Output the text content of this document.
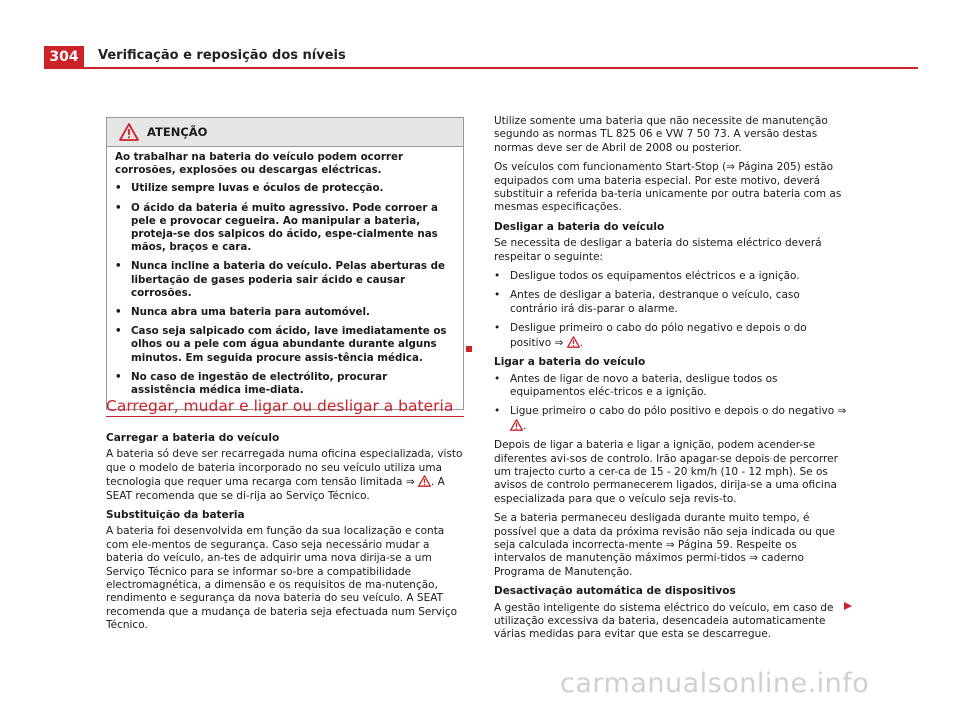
304	Verificação e reposição dos níveis
ATENÇÃO

Ao trabalhar na bateria do veículo podem ocorrer corrosões, explosões ou descargas eléctricas.

• Utilize sempre luvas e óculos de protecção.
• O ácido da bateria é muito agressivo. Pode corroer a pele e provocar cegueira. Ao manipular a bateria, proteja-se dos salpicos do ácido, espe-cialmente nas mãos, braços e cara.
• Nunca incline a bateria do veículo. Pelas aberturas de libertação de gases poderia sair ácido e causar corrosões.
• Nunca abra uma bateria para automóvel.
• Caso seja salpicado com ácido, lave imediatamente os olhos ou a pele com água abundante durante alguns minutos. Em seguida procure assis-tência médica.
• No caso de ingestão de electrólito, procurar assistência médica ime-diata.
Carregar, mudar e ligar ou desligar a bateria

Carregar a bateria do veículo

A bateria só deve ser recarregada numa oficina especializada, visto que o modelo de bateria incorporado no seu veículo utiliza uma tecnologia que requer uma recarga com tensão limitada ⇒ . A SEAT recomenda que se di-rija ao Serviço Técnico.

Substituição da bateria

A bateria foi desenvolvida em função da sua localização e conta com ele-mentos de segurança. Caso seja necessário mudar a bateria do veículo, an-tes de adquirir uma nova dirija-se a um Serviço Técnico para se informar so-bre a compatibilidade electromagnética, a dimensão e os requisitos de ma-nutenção, rendimento e segurança da nova bateria do seu veículo. A SEAT recomenda que a mudança de bateria seja efectuada num Serviço Técnico.

Utilize somente uma bateria que não necessite de manutenção segundo as normas TL 825 06 e VW 7 50 73. A versão destas normas deve ser de Abril de 2008 ou posterior.

Os veículos com funcionamento Start-Stop (⇒ Página 205) estão equipados com uma bateria especial. Por este motivo, deverá substituir a referida ba-teria unicamente por outra bateria com as mesmas especificações.

Desligar a bateria do veículo

Se necessita de desligar a bateria do sistema eléctrico deverá respeitar o seguinte:

• Desligue todos os equipamentos eléctricos e a ignição.
• Antes de desligar a bateria, destranque o veículo, caso contrário irá dis-parar o alarme.
• Desligue primeiro o cabo do pólo negativo e depois o do positivo ⇒ .

Ligar a bateria do veículo

• Antes de ligar de novo a bateria, desligue todos os equipamentos eléc-tricos e a ignição.
• Ligue primeiro o cabo do pólo positivo e depois o do negativo ⇒ .

Depois de ligar a bateria e ligar a ignição, podem acender-se diferentes avi-sos de controlo. Irão apagar-se depois de percorrer um trajecto curto a cer-ca de 15 - 20 km/h (10 - 12 mph). Se os avisos de controlo permanecerem ligados, dirija-se a uma oficina especializada para que o veículo seja revis-to.

Se a bateria permaneceu desligada durante muito tempo, é possível que a data da próxima revisão não seja indicada ou que seja calculada incorrecta-mente ⇒ Página 59. Respeite os intervalos de manutenção máximos permi-tidos ⇒ caderno Programa de Manutenção.

Desactivação automática de dispositivos

A gestão inteligente do sistema eléctrico do veículo, em caso de utilização excessiva da bateria, desencadeia automaticamente várias medidas para evitar que esta se descarregue.

carmanualsonline.info
